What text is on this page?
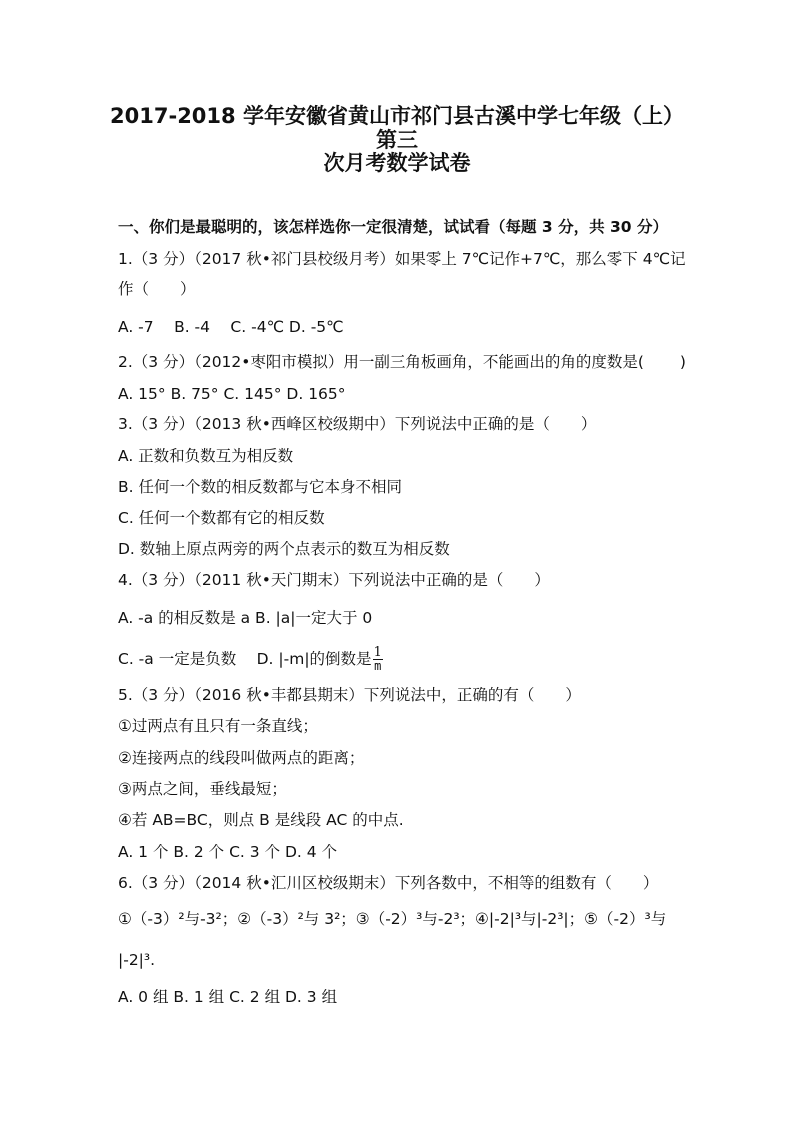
2017-2018 学年安徽省黄山市祁门县古溪中学七年级（上）第三
次月考数学试卷
一、你们是最聪明的，该怎样选你一定很清楚，试试看（每题 3 分，共 30 分）
1.（3 分）（2017 秋•祁门县校级月考）如果零上 7℃记作+7℃，那么零下 4℃记
作（　　）
A. -7　 B. -4　 C. -4℃ D. -5℃
2.（3 分）（2012•枣阳市模拟）用一副三角板画角，不能画出的角的度数是(　　 )
A. 15° B. 75° C. 145° D. 165°
3.（3 分）（2013 秋•西峰区校级期中）下列说法中正确的是（　　）
A. 正数和负数互为相反数
B. 任何一个数的相反数都与它本身不相同
C. 任何一个数都有它的相反数
D. 数轴上原点两旁的两个点表示的数互为相反数
4.（3 分）（2011 秋•天门期末）下列说法中正确的是（　　）
A. -a 的相反数是 a B. |a|一定大于 0
C. -a 一定是负数　 D. |-m|的倒数是 $\frac{1}{m}$
5.（3 分）（2016 秋•丰都县期末）下列说法中，正确的有（　　）
①过两点有且只有一条直线；
②连接两点的线段叫做两点的距离；
③两点之间，垂线最短；
④若 AB=BC，则点 B 是线段 AC 的中点.
A. 1 个 B. 2 个 C. 3 个 D. 4 个
6.（3 分）（2014 秋•汇川区校级期末）下列各数中，不相等的组数有（　　）
①（-3）²与-3²；②（-3）²与 3²；③（-2）³与-2³；④|-2|³与|-2³|；⑤（-2）³与
|-2|³.
A. 0 组 B. 1 组 C. 2 组 D. 3 组
